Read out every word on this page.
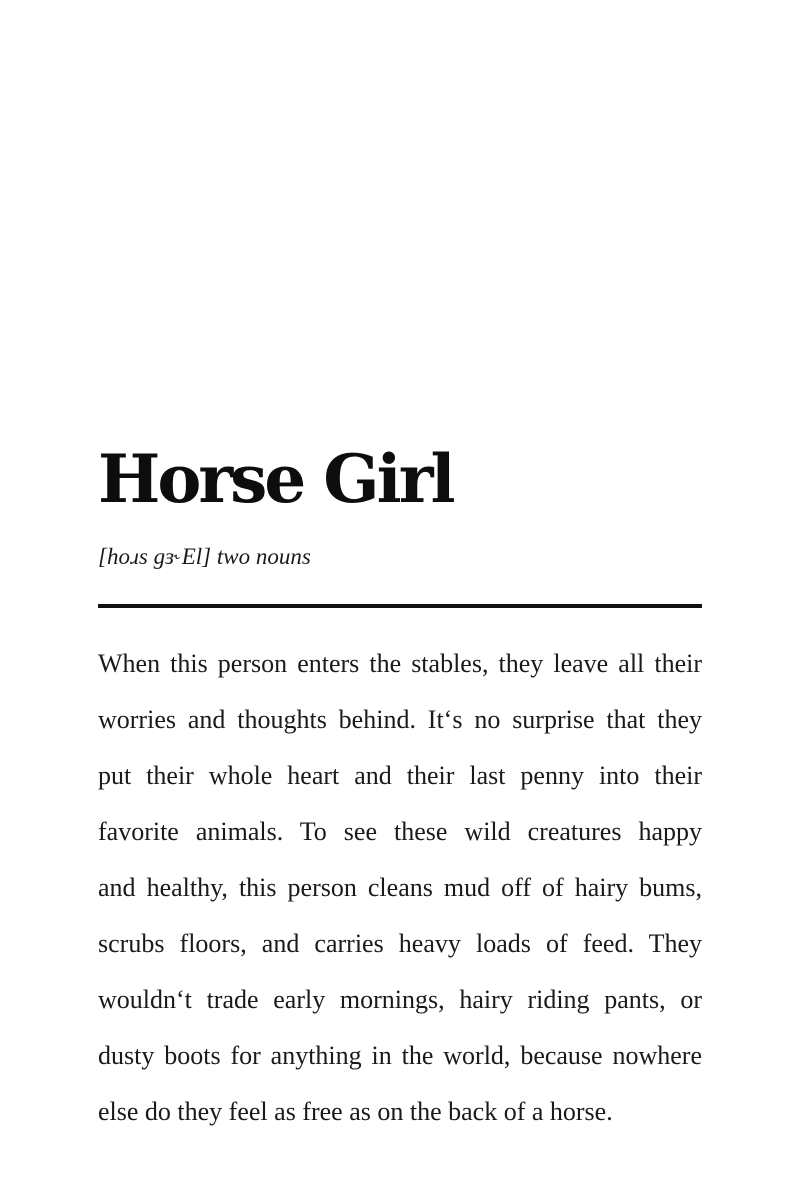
Horse Girl
[hoɹs gɜ˞El] two nouns
When this person enters the stables, they leave all their
worries and thoughts behind. It‘s no surprise that they
put their whole heart and their last penny into their
favorite animals. To see these wild creatures happy
and healthy, this person cleans mud off of hairy bums,
scrubs floors, and carries heavy loads of feed. They
wouldn‘t trade early mornings, hairy riding pants, or
dusty boots for anything in the world, because nowhere
else do they feel as free as on the back of a horse.
